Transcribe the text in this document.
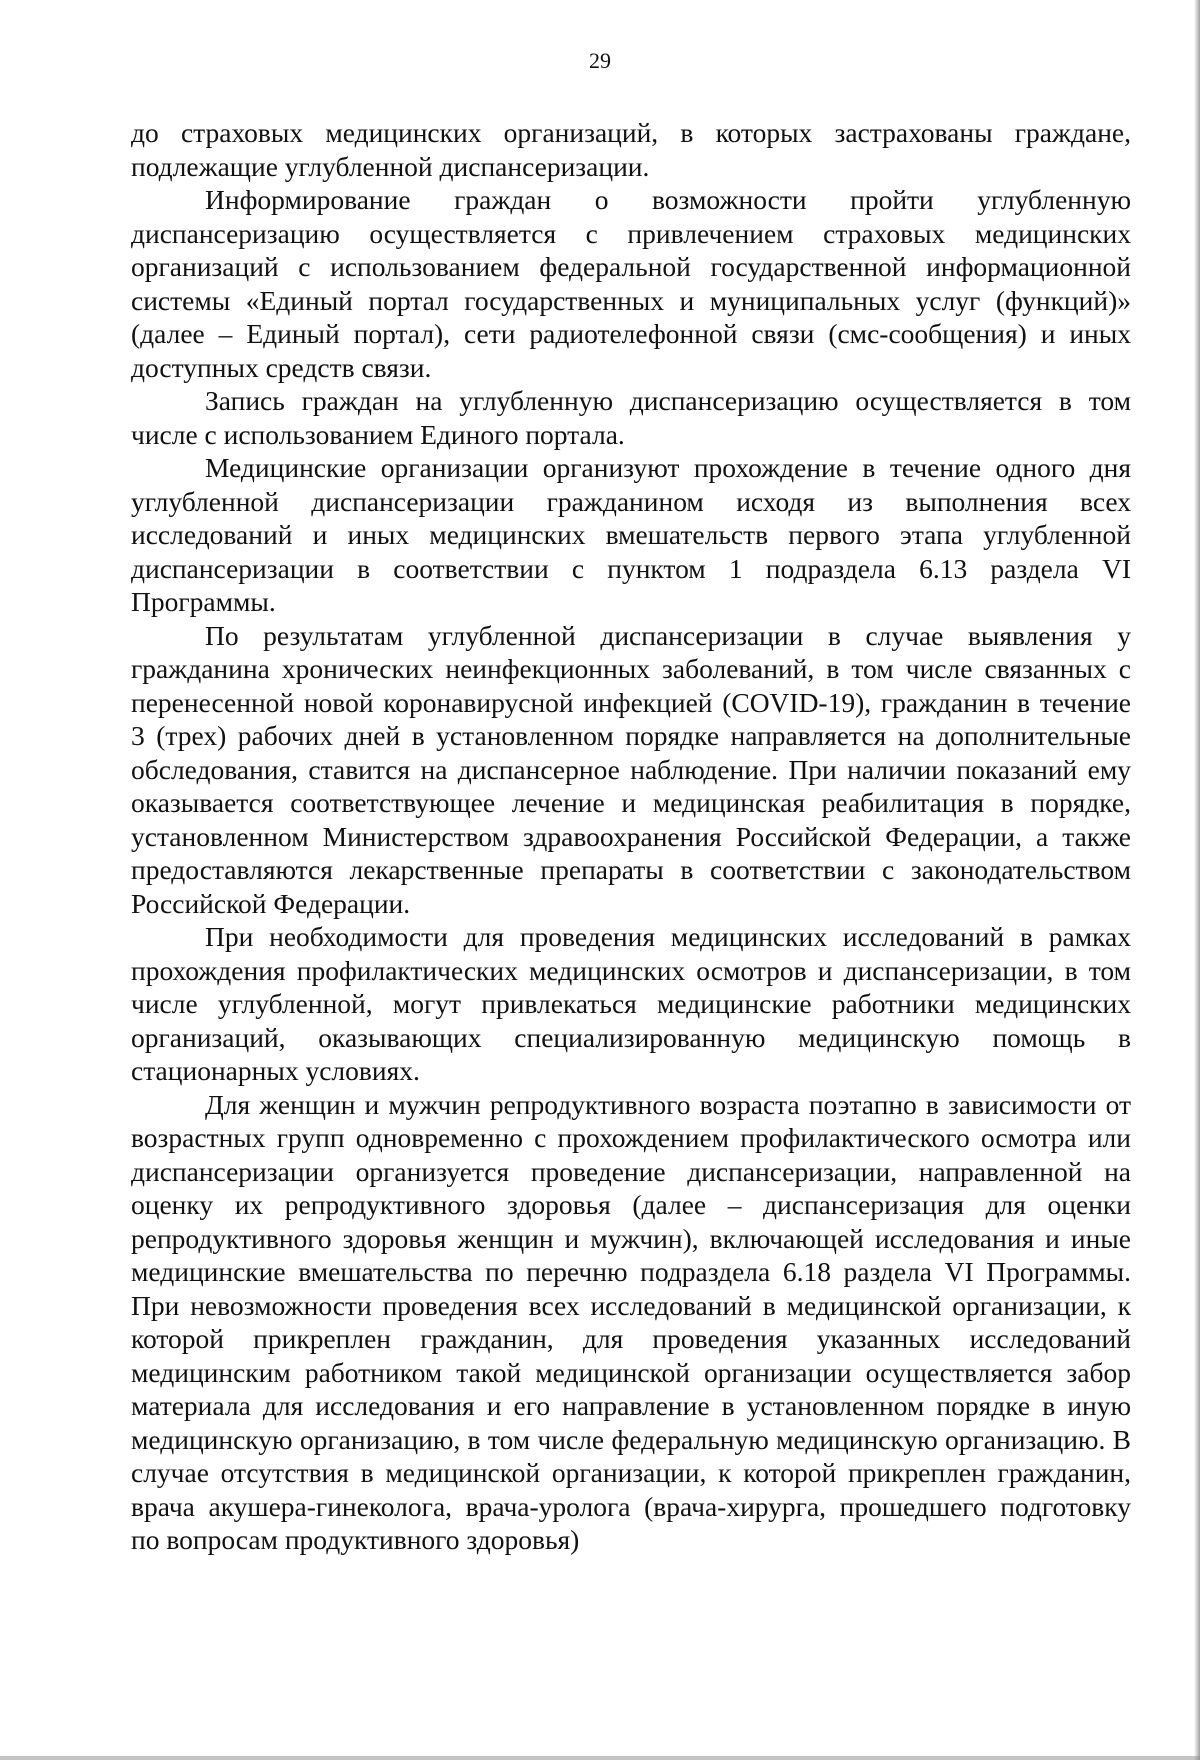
29

до страховых медицинских организаций, в которых застрахованы граждане, подлежащие углубленной диспансеризации.

Информирование граждан о возможности пройти углубленную диспансеризацию осуществляется с привлечением страховых медицинских организаций с использованием федеральной государственной информационной системы «Единый портал государственных и муниципальных услуг (функций)» (далее – Единый портал), сети радиотелефонной связи (смс-сообщения) и иных доступных средств связи.

Запись граждан на углубленную диспансеризацию осуществляется в том числе с использованием Единого портала.

Медицинские организации организуют прохождение в течение одного дня углубленной диспансеризации гражданином исходя из выполнения всех исследований и иных медицинских вмешательств первого этапа углубленной диспансеризации в соответствии с пунктом 1 подраздела 6.13 раздела VI Программы.

По результатам углубленной диспансеризации в случае выявления у гражданина хронических неинфекционных заболеваний, в том числе связанных с перенесенной новой коронавирусной инфекцией (COVID-19), гражданин в течение 3 (трех) рабочих дней в установленном порядке направляется на дополнительные обследования, ставится на диспансерное наблюдение. При наличии показаний ему оказывается соответствующее лечение и медицинская реабилитация в порядке, установленном Министерством здравоохранения Российской Федерации, а также предоставляются лекарственные препараты в соответствии с законодательством Российской Федерации.

При необходимости для проведения медицинских исследований в рамках прохождения профилактических медицинских осмотров и диспансеризации, в том числе углубленной, могут привлекаться медицинские работники медицинских организаций, оказывающих специализированную медицинскую помощь в стационарных условиях.

Для женщин и мужчин репродуктивного возраста поэтапно в зависимости от возрастных групп одновременно с прохождением профилактического осмотра или диспансеризации организуется проведение диспансеризации, направленной на оценку их репродуктивного здоровья (далее – диспансеризация для оценки репродуктивного здоровья женщин и мужчин), включающей исследования и иные медицинские вмешательства по перечню подраздела 6.18 раздела VI Программы. При невозможности проведения всех исследований в медицинской организации, к которой прикреплен гражданин, для проведения указанных исследований медицинским работником такой медицинской организации осуществляется забор материала для исследования и его направление в установленном порядке в иную медицинскую организацию, в том числе федеральную медицинскую организацию. В случае отсутствия в медицинской организации, к которой прикреплен гражданин, врача акушера-гинеколога, врача-уролога (врача-хирурга, прошедшего подготовку по вопросам продуктивного здоровья)
